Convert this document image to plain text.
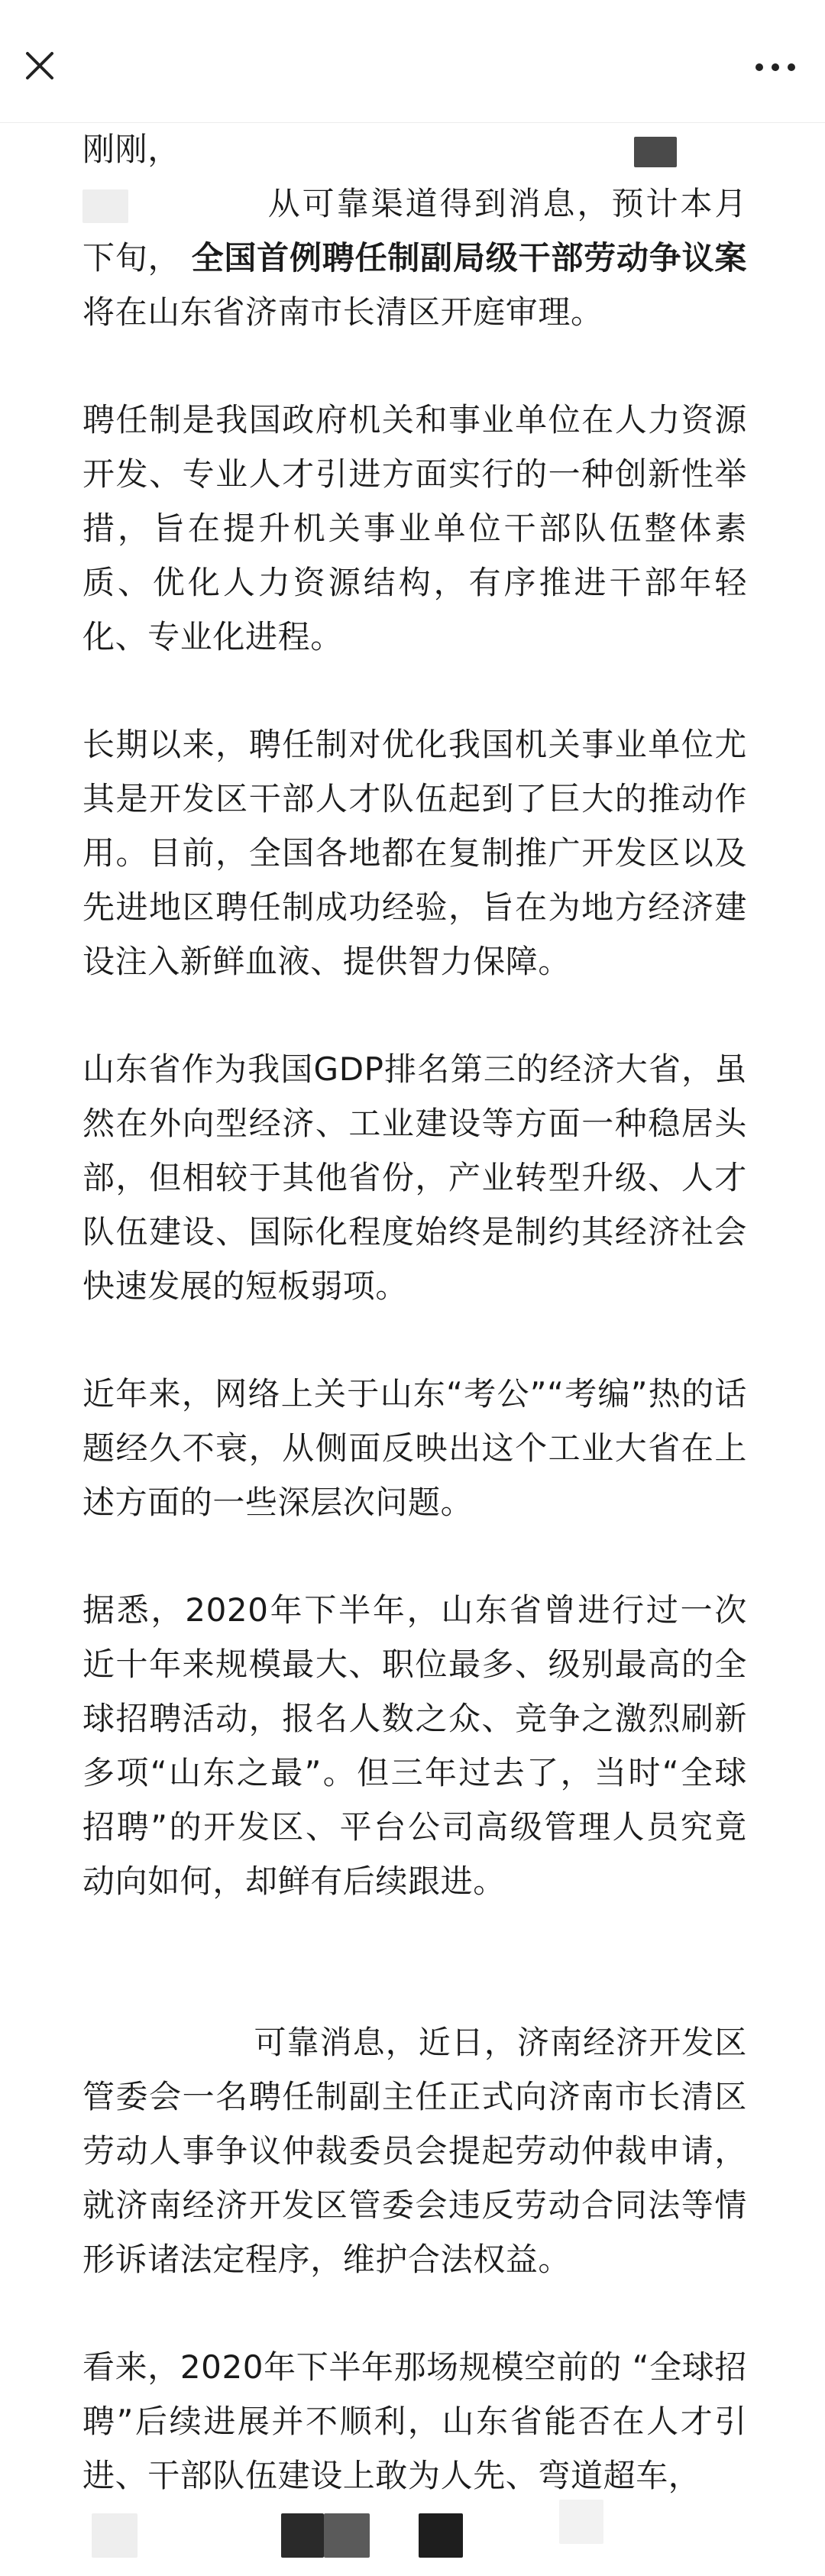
刚刚，
从可靠渠道得到消息，预计本月下旬， 全国首例聘任制副局级干部劳动争议案 将在山东省济南市长清区开庭审理。

聘任制是我国政府机关和事业单位在人力资源开发、专业人才引进方面实行的一种创新性举措，旨在提升机关事业单位干部队伍整体素质、优化人力资源结构，有序推进干部年轻化、专业化进程。

长期以来，聘任制对优化我国机关事业单位尤其是开发区干部人才队伍起到了巨大的推动作用。目前，全国各地都在复制推广开发区以及先进地区聘任制成功经验，旨在为地方经济建设注入新鲜血液、提供智力保障。

山东省作为我国GDP排名第三的经济大省，虽然在外向型经济、工业建设等方面一种稳居头部，但相较于其他省份，产业转型升级、人才队伍建设、国际化程度始终是制约其经济社会快速发展的短板弱项。

近年来，网络上关于山东“考公”“考编”热的话题经久不衰，从侧面反映出这个工业大省在上述方面的一些深层次问题。

据悉，2020年下半年，山东省曾进行过一次近十年来规模最大、职位最多、级别最高的全球招聘活动，报名人数之众、竞争之激烈刷新多项“山东之最”。但三年过去了，当时“全球招聘”的开发区、平台公司高级管理人员究竟动向如何，却鲜有后续跟进。

可靠消息，近日，济南经济开发区管委会一名聘任制副主任正式向济南市长清区劳动人事争议仲裁委员会提起劳动仲裁申请，就济南经济开发区管委会违反劳动合同法等情形诉诸法定程序，维护合法权益。

看来，2020年下半年那场规模空前的 “全球招聘”后续进展并不顺利，山东省能否在人才引进、干部队伍建设上敢为人先、弯道超车，
